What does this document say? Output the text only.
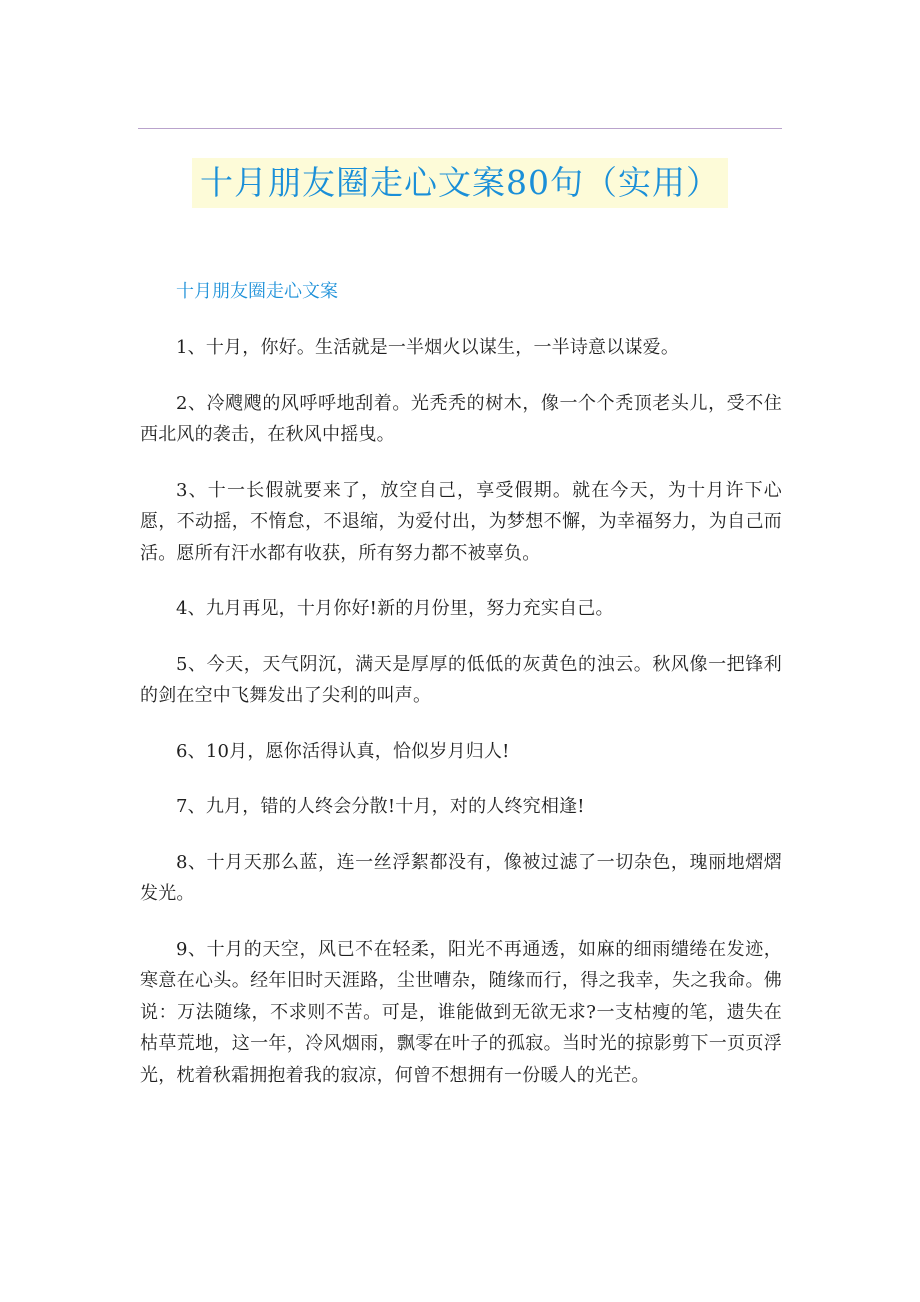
十月朋友圈走心文案80句（实用）

十月朋友圈走心文案

1、十月，你好。生活就是一半烟火以谋生，一半诗意以谋爱。

2、冷飕飕的风呼呼地刮着。光秃秃的树木，像一个个秃顶老头儿，受不住西北风的袭击，在秋风中摇曳。

3、十一长假就要来了，放空自己，享受假期。就在今天，为十月许下心愿，不动摇，不惰怠，不退缩，为爱付出，为梦想不懈，为幸福努力，为自己而活。愿所有汗水都有收获，所有努力都不被辜负。

4、九月再见，十月你好!新的月份里，努力充实自己。

5、今天，天气阴沉，满天是厚厚的低低的灰黄色的浊云。秋风像一把锋利的剑在空中飞舞发出了尖利的叫声。

6、10月，愿你活得认真，恰似岁月归人!

7、九月，错的人终会分散!十月，对的人终究相逢!

8、十月天那么蓝，连一丝浮絮都没有，像被过滤了一切杂色，瑰丽地熠熠发光。

9、十月的天空，风已不在轻柔，阳光不再通透，如麻的细雨缱绻在发迹，寒意在心头。经年旧时天涯路，尘世嘈杂，随缘而行，得之我幸，失之我命。佛说：万法随缘，不求则不苦。可是，谁能做到无欲无求?一支枯瘦的笔，遗失在枯草荒地，这一年，冷风烟雨，飘零在叶子的孤寂。当时光的掠影剪下一页页浮光，枕着秋霜拥抱着我的寂凉，何曾不想拥有一份暖人的光芒。
